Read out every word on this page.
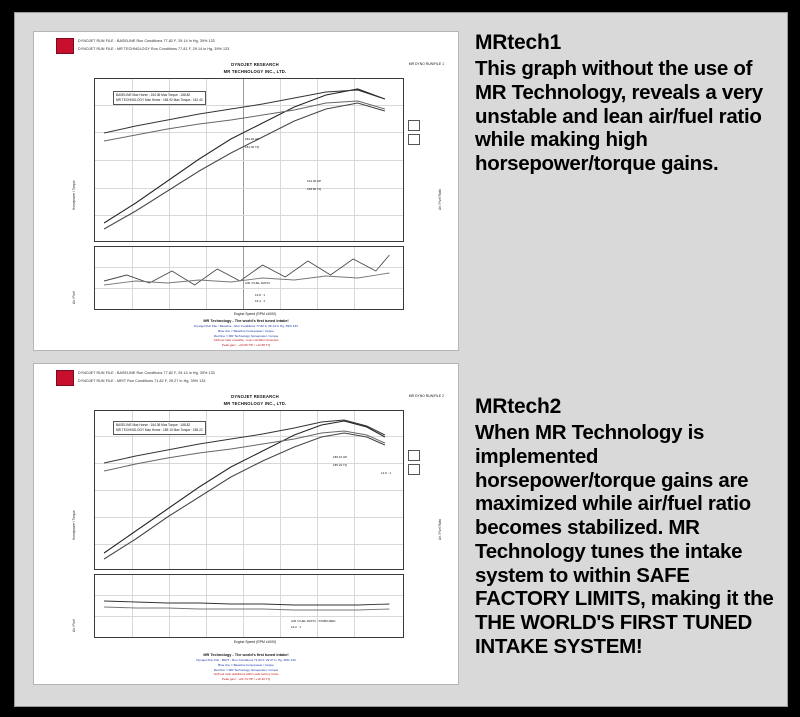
DYNOJET RUN FILE : BASELINE Run Conditions 77.82 F, 29.14 in Hg, 39% 133
DYNOJET RUN FILE : MR TECHNOLOGY Run Conditions 77.81 F, 29.14 in Hg, 39% 133
DYNOJET RESEARCH
MR TECHNOLOGY INC., LTD.
MR DYNO RUN/FILE 1
BASELINE Max Horse : 164.36 Max Torque : 168.82
MR TECHNOLOGY Max Horse : 184.92 Max Torque : 181.40
184.92 HP
181.40 TQ
164.36 HP
168.82 TQ
Horsepower / Torque	Air / Fuel Ratio
AIR / FUEL RATIO
13.8 : 1
15.4 : 1
Air / Fuel
Engine Speed (RPM x1000)
MR Technology - The world's first tuned intake!
Dynojet Run File : Baseline - Run Conditions 77.82 F, 29.14 in Hg, 39% 133
Blue line = Baseline horsepower / torque
Red line = MR Technology horsepower / torque
Air/Fuel ratio unstable - lean condition detected
Peak gain : +20.56 HP / +12.58 TQ
DYNOJET RUN FILE : BASELINE Run Conditions 77.82 F, 29.14 in Hg, 39% 133
DYNOJET RUN FILE : MR/T Run Conditions 71.82 F, 29.27 in Hg, 39% 133
DYNOJET RESEARCH
MR TECHNOLOGY INC., LTD.
MR DYNO RUN/FILE 2
BASELINE Max Horse : 164.36 Max Torque : 168.82
MR TECHNOLOGY Max Horse : 189.10 Max Torque : 185.22
189.10 HP
185.22 TQ
12.9 : 1
Horsepower / Torque	Air / Fuel Ratio
AIR / FUEL RATIO - STABILIZED
13.2 : 1
Air / Fuel
Engine Speed (RPM x1000)
MR Technology - The world's first tuned intake!
Dynojet Run File : MR/T - Run Conditions 71.82 F, 29.27 in Hg, 39% 133
Blue line = Baseline horsepower / torque
Red line = MR Technology horsepower / torque
Air/Fuel ratio stabilized within safe factory limits
Peak gain : +24.74 HP / +16.40 TQ
MRtech1

This graph without the use of MR Technology, reveals a very unstable and lean air/fuel ratio while making high horsepower/torque gains.

MRtech2

When MR Technology is implemented horsepower/torque gains are maximized while air/fuel ratio becomes stabilized. MR Technology tunes the intake system to within SAFE FACTORY LIMITS, making it the THE WORLD'S FIRST TUNED INTAKE SYSTEM!
